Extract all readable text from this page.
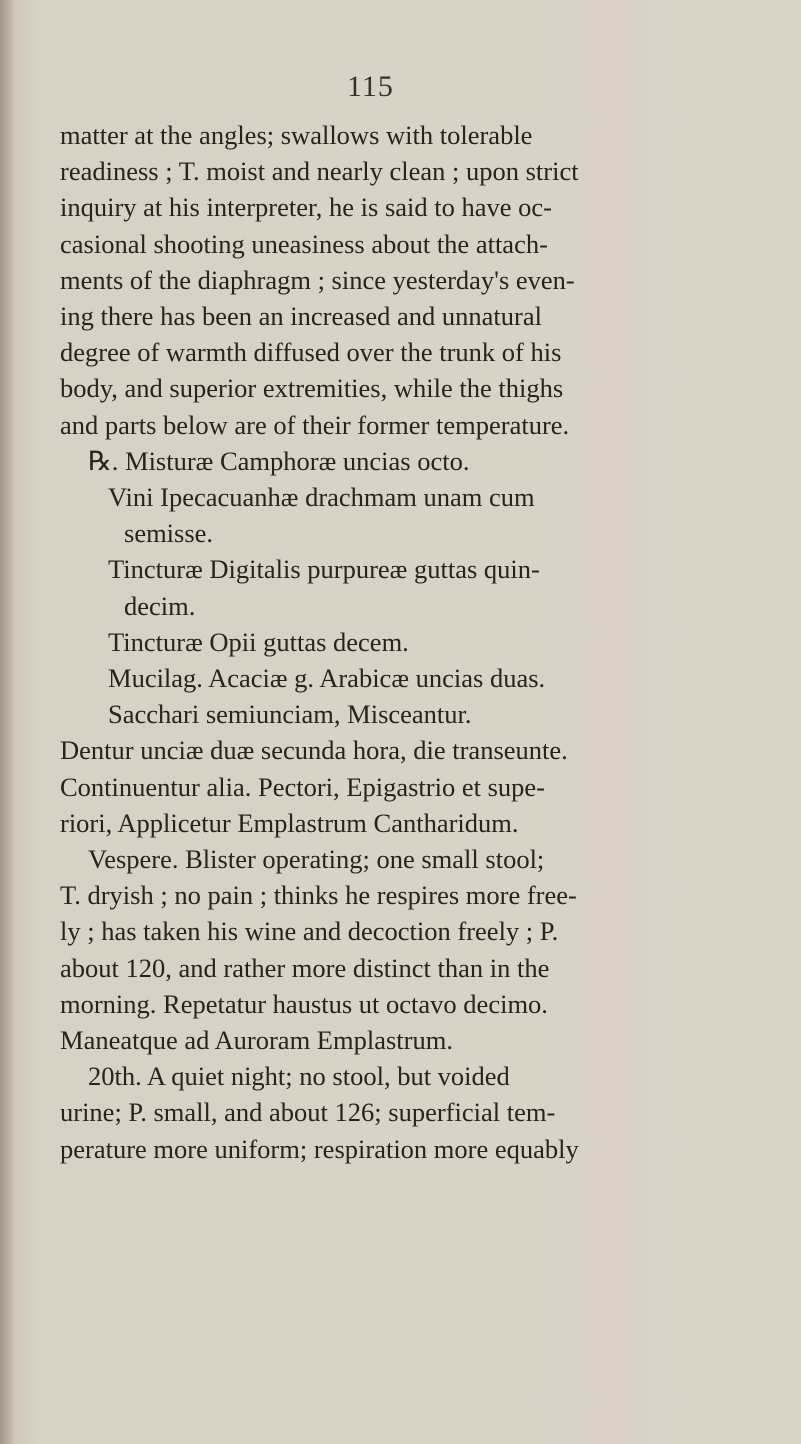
115
matter at the angles; swallows with tolerable
readiness ; T. moist and nearly clean ; upon strict
inquiry at his interpreter, he is said to have oc-
casional shooting uneasiness about the attach-
ments of the diaphragm ; since yesterday's even-
ing there has been an increased and unnatural
degree of warmth diffused over the trunk of his
body, and superior extremities, while the thighs
and parts below are of their former temperature.
℞. Misturæ Camphoræ uncias octo.
Vini Ipecacuanhæ drachmam unam cum
semisse.
Tincturæ Digitalis purpureæ guttas quin-
decim.
Tincturæ Opii guttas decem.
Mucilag. Acaciæ g. Arabicæ uncias duas.
Sacchari semiunciam, Misceantur.
Dentur unciæ duæ secunda hora, die transeunte.
Continuentur alia. Pectori, Epigastrio et supe-
riori, Applicetur Emplastrum Cantharidum.
Vespere. Blister operating; one small stool;
T. dryish ; no pain ; thinks he respires more free-
ly ; has taken his wine and decoction freely ; P.
about 120, and rather more distinct than in the
morning. Repetatur haustus ut octavo decimo.
Maneatque ad Auroram Emplastrum.
20th. A quiet night; no stool, but voided
urine; P. small, and about 126; superficial tem-
perature more uniform; respiration more equably
